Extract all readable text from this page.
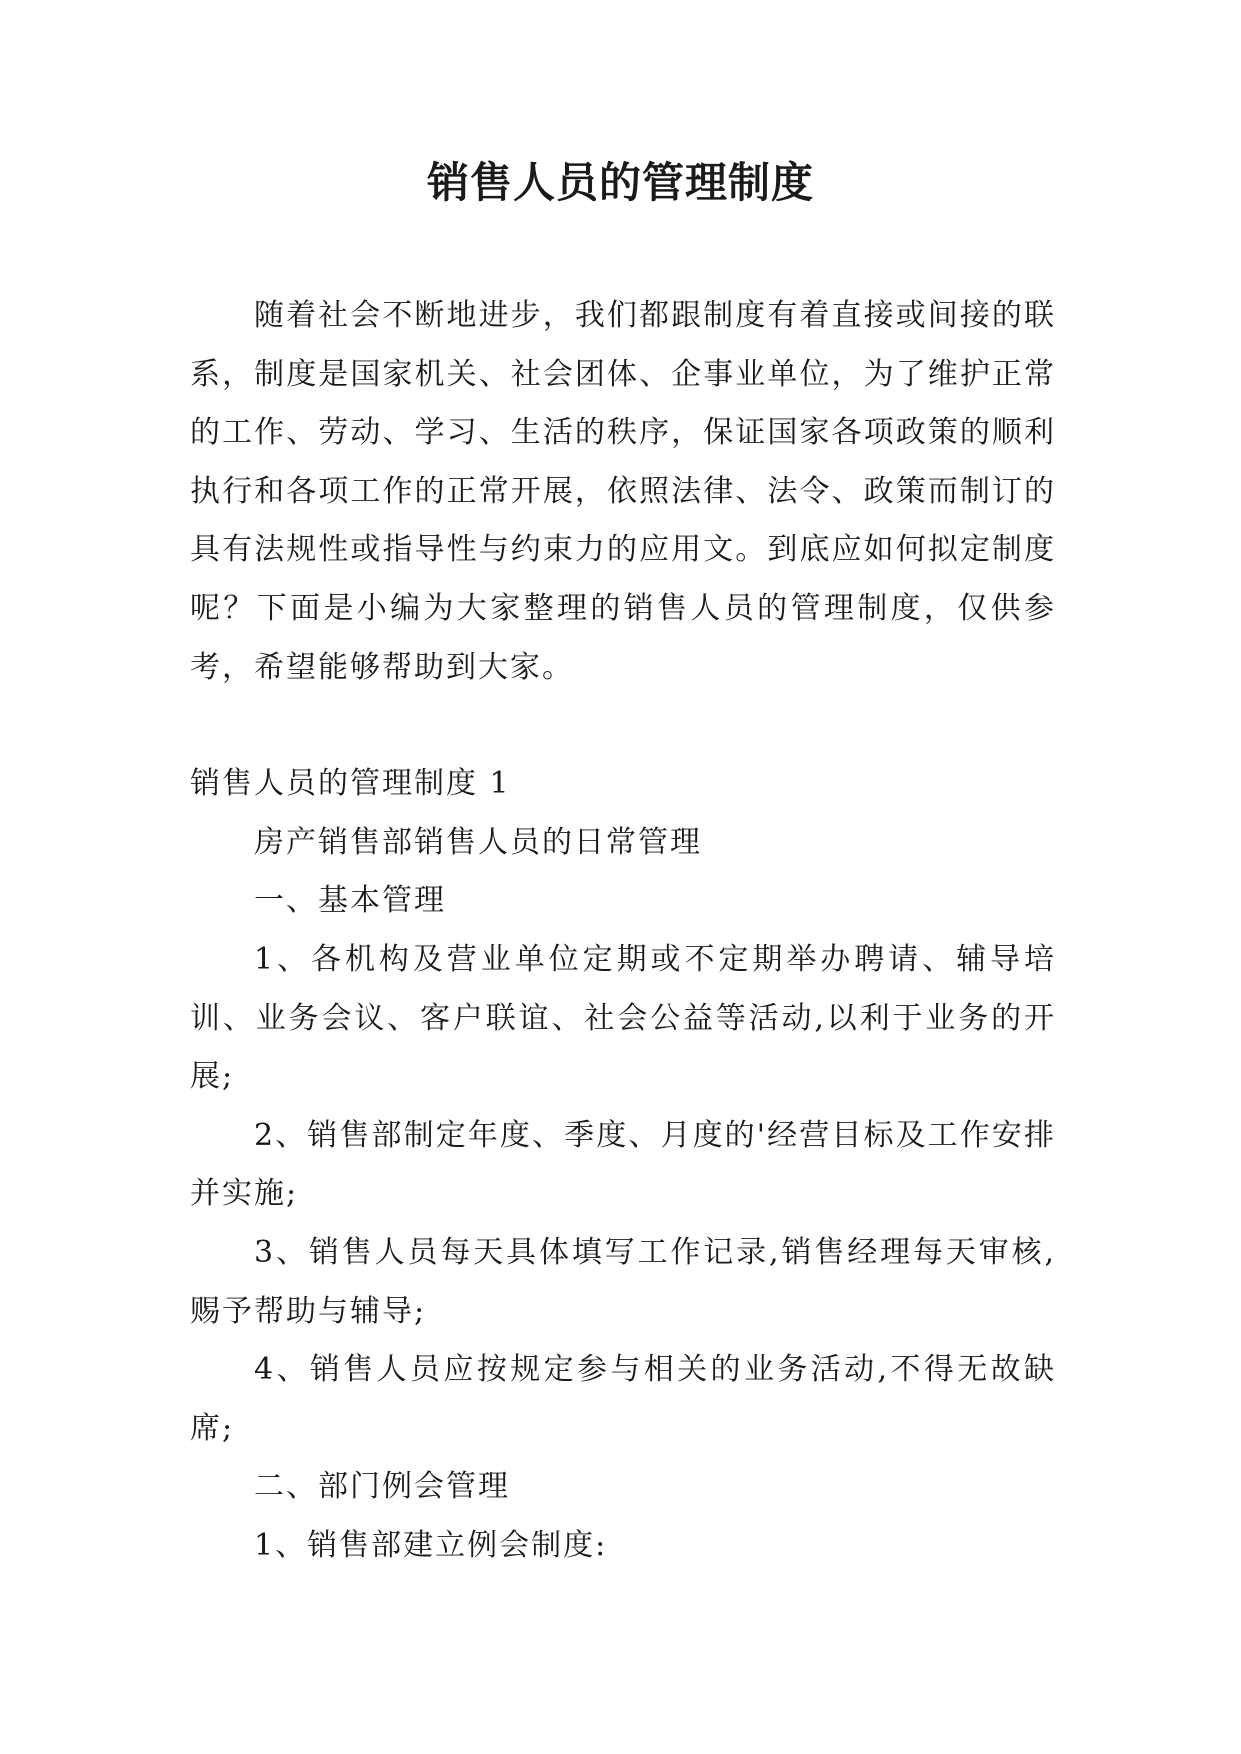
销售人员的管理制度

随着社会不断地进步，我们都跟制度有着直接或间接的联系，制度是国家机关、社会团体、企事业单位，为了维护正常的工作、劳动、学习、生活的秩序，保证国家各项政策的顺利执行和各项工作的正常开展，依照法律、法令、政策而制订的具有法规性或指导性与约束力的应用文。到底应如何拟定制度呢？下面是小编为大家整理的销售人员的管理制度，仅供参考，希望能够帮助到大家。

销售人员的管理制度 1

房产销售部销售人员的日常管理

一、基本管理

1、各机构及营业单位定期或不定期举办聘请、辅导培训、业务会议、客户联谊、社会公益等活动,以利于业务的开展;

2、销售部制定年度、季度、月度的'经营目标及工作安排并实施;

3、销售人员每天具体填写工作记录,销售经理每天审核,赐予帮助与辅导;

4、销售人员应按规定参与相关的业务活动,不得无故缺席;

二、部门例会管理

1、销售部建立例会制度:
